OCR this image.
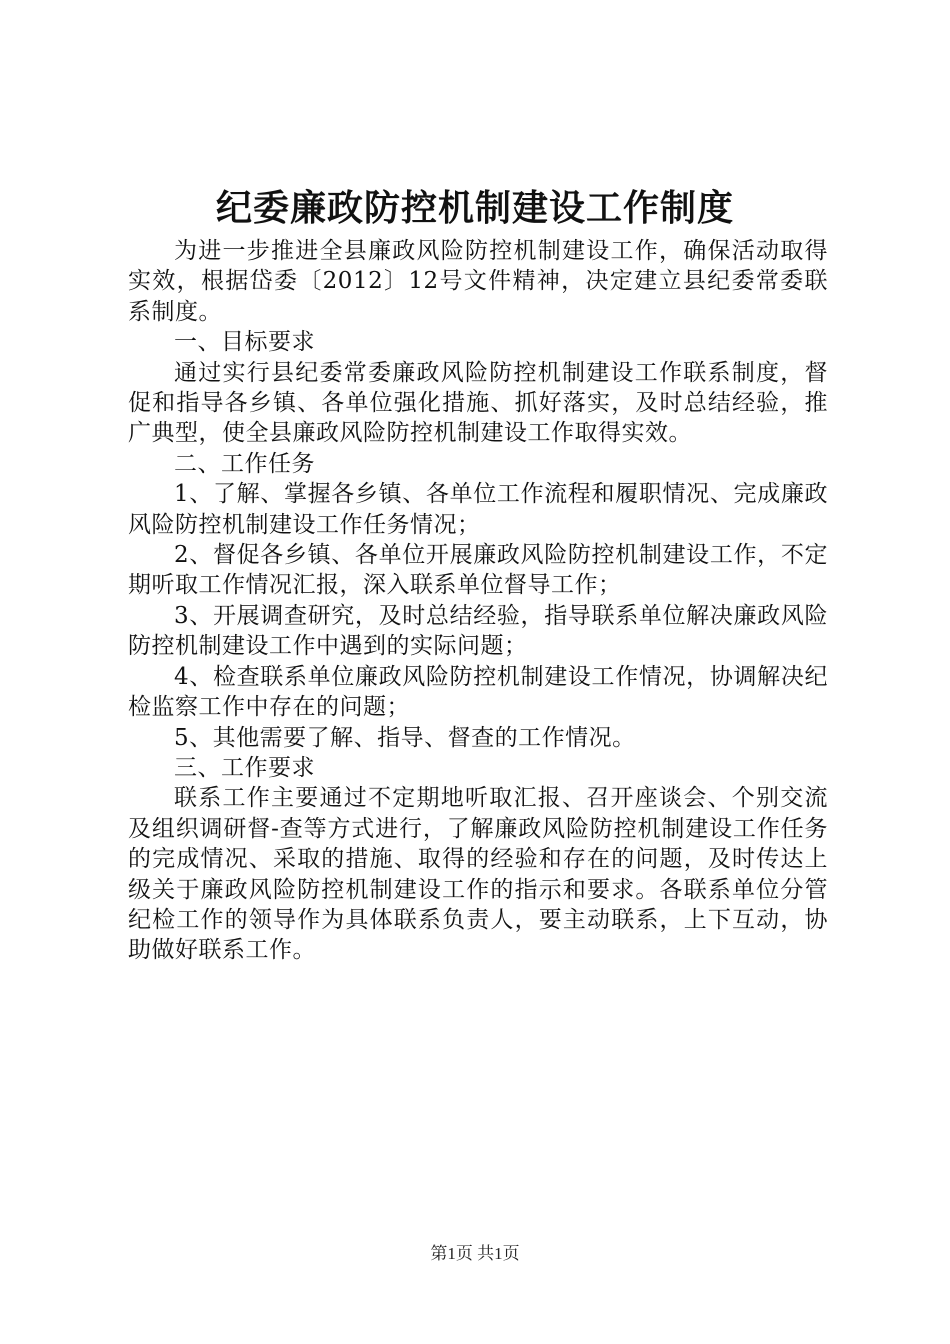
纪委廉政防控机制建设工作制度

为进一步推进全县廉政风险防控机制建设工作，确保活动取得实效，根据岱委〔2012〕12号文件精神，决定建立县纪委常委联系制度。

一、目标要求

通过实行县纪委常委廉政风险防控机制建设工作联系制度，督促和指导各乡镇、各单位强化措施、抓好落实，及时总结经验，推广典型，使全县廉政风险防控机制建设工作取得实效。

二、工作任务

1、了解、掌握各乡镇、各单位工作流程和履职情况、完成廉政风险防控机制建设工作任务情况；

2、督促各乡镇、各单位开展廉政风险防控机制建设工作，不定期听取工作情况汇报，深入联系单位督导工作；

3、开展调查研究，及时总结经验，指导联系单位解决廉政风险防控机制建设工作中遇到的实际问题；

4、检查联系单位廉政风险防控机制建设工作情况，协调解决纪检监察工作中存在的问题；

5、其他需要了解、指导、督查的工作情况。

三、工作要求

联系工作主要通过不定期地听取汇报、召开座谈会、个别交流及组织调研督-查等方式进行，了解廉政风险防控机制建设工作任务的完成情况、采取的措施、取得的经验和存在的问题，及时传达上级关于廉政风险防控机制建设工作的指示和要求。各联系单位分管纪检工作的领导作为具体联系负责人，要主动联系，上下互动，协助做好联系工作。

第1页 共1页
